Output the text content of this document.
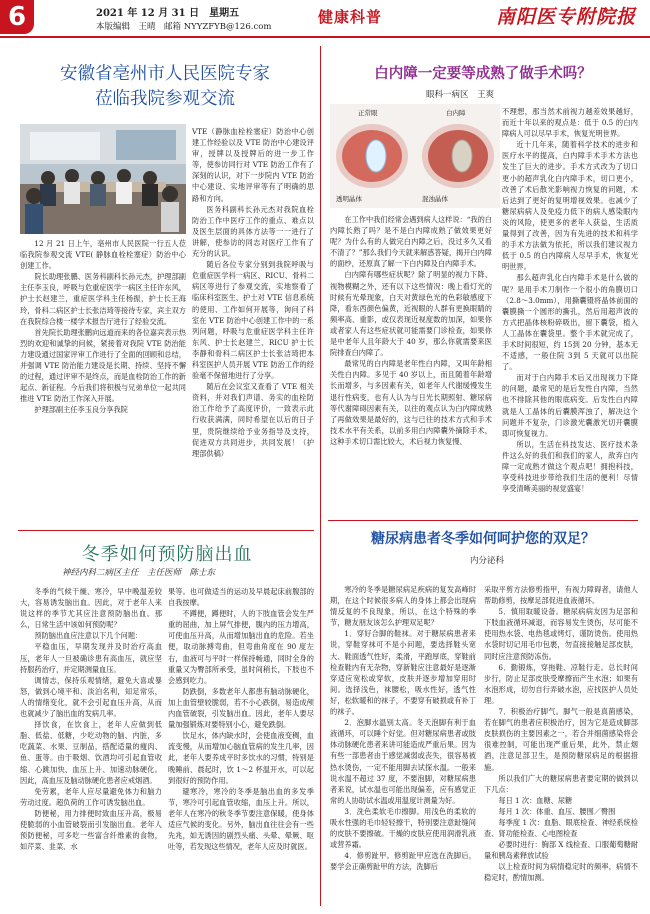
6	2021 年 12 月 31 日　星期五
本版编辑　王晴　邮箱 NYYZFYB@126.com
健康科普	南阳医专附院报
安徽省亳州市人民医院专家
莅临我院参观交流

12 月 21 日上午，亳州市人民医院一行五人莅临我院参观交流 VTE( 静脉血栓栓塞症）防治中心创建工作。

院长助理张鹏、医务科副科长孙元杰，护理部副主任李玉良，呼吸与危重症医学一病区主任许东风，护士长赵建兰，重症医学科主任杨振，护士长王海玲，骨科二病区护士长张洁琦等接待专家，宾主双方在我院综合楼一楼学术报告厅进行了经验交流。

首先院长助理张鹏向远道而来的各位嘉宾表示热烈的欢迎和诚挚的问候，紧接着对我院 VTE 防治能力建设通过国家评审工作进行了全面的回顾和总结，并强调 VTE 防治能力建设是长期、持续、坚持不懈的过程，通过评审不是终点，而是血栓防治工作的新起点、新征程。今后我们将积极与兄弟单位一起共同推进 VTE 防治工作深入开展。

护理部副主任李玉良分享我院

VTE（静脉血栓栓塞症）防治中心创建工作经验以及 VTE 防治中心建设评审，授牌以及授牌后的进一步工作等，使参访同行对 VTE 防治工作有了深刻的认识，对下一步院内 VTE 防治中心建设、实地评审等有了明确的思路和方向。

医务科副科长孙元杰对我院血栓防治工作中医疗工作的重点、难点以及医生层面的具体方法等一一进行了讲解，使参访的同志对医疗工作有了充分的认识。

随后各位专家分别到我院呼吸与危重症医学科一病区、RICU、骨科二病区等进行了参观交流，实地察看了临床科室医生、护士对 VTE 信息系统的使用、工作如何开展等，询问了科室在 VTE 防治中心创建工作中的一系列问题，呼吸与危重症医学科主任许东风、护士长赵建兰、RICU 护士长李静和骨科二病区护士长张洁琦把本科室医护人员开展 VTE 防治工作的经验毫不保留地进行了分享。

随后在会议室又查看了 VTE 相关资料，并对我们声谱、务实的血栓防治工作给予了高度评价，一致表示此行收获满满，同时希望在以后的日子里，贵院继续给予业务指导及支持，促进双方共同进步，共同发展！（护理部供稿）

白内障一定要等成熟了做手术吗？
眼科一病区　王爽
正常眼	白内障
透明晶体	混浊晶体

在工作中我们经常会遇到病人这样说：“我的白内障长熟了吗？是不是白内障成熟了做效果更好呢？为什么有的人做完白内障之后，没过多久又看不清了？”那么我们今天就来解惑答疑，揭开白内障的面纱，还原真了解一下白内障及白内障手术。

白内障有哪些症状呢？除了明显的视力下降、视物模糊之外，还有以下这些情况：晚上看灯光的时候有光晕现象，白天对黄绿色光的色彩敏感度下降，看东西颜色偏黄，近视眼的人群有更换眼睛的频率高、重影，或仅表现近视度数的加深，如果你或者家人有这些症状就可能需要门诊检查，如果你是中老年人且年龄大于 40 岁，那么你就需要来医院排查白内障了。

最常见的白内障是老年性白内障，又叫年龄相关性白内障。多见于 40 岁以上，而且随着年龄增长而增多，与多因素有关，如老年人代谢缓慢发生退行性病变，也有人认为与日光长期照射、糖尿病等代谢障碍因素有关，以往的观点认为白内障成熟了再做效果是最好的，这与已往的技术方式和手术技术水平有关系，以前多用白内障囊外摘除手术，这种手术切口需比较大，术后视力恢复慢、

不理想，那当然术前视力越差效果越好，而近十年以来的观点是：低于 0.5 的白内障病人可以尽早手术，恢复光明世界。

近十几年来，随着科学技术的进步和医疗水平的提高，白内障手术手术方法也发生了巨大的进步。手术方式改为了切口更小的超声乳化白内障手术，切口更小，改善了术后散光影响视力恢复的问题，术后达到了更好的复明增视效果。也减少了糖尿病病人及免疫力低下的病人感染眼内炎的风险，使更多的老年人获益，生活质量得到了改善，因为有先进的技术和科学的手术方法做为依托，所以我们建议视力低于 0.5 的白内障病人尽早手术，恢复光明世界。

那么超声乳化白内障手术是什么做的呢？是用手术刀制作一个很小的角膜切口（2.8～3.0mm），用撕囊镊将晶体前面的囊膜撕一个圆形的撕孔，然后用超声波的方式把晶体核粉碎吸出，留下囊袋，植入人工晶体在囊袋里。整个手术就完成了，手术时间很短，约 15到 20 分钟，基本无不适感，一般住院 3到 5 天就可以出院了。

而对于白内障手术后又出现视力下降的问题，最常见的是后发性白内障，当然也不排除其他的眼底病变。后发性白内障就是人工晶体的后囊膜浑浊了，解决这个问题并不复杂，门诊激光囊激光切开囊膜即可恢复视力。

所以，生活在科技发达、医疗技术条件这么好的我们和我们的家人，敌弃白内障一定成熟才做这个观点吧！拥抱科技，享受科技进步带给我们生活的便利！尽情享受清晰美丽的视觉盛宴！

冬季如何预防脑出血
神经内科二病区主任　主任医师　陈士东

冬季的气候干燥、寒冷，早中晚温差较大，容易诱发脑出血。因此，对于老年人来说这样的季节尤其应注意预防脑出血。那么，日常生活中该如何预防呢？

预防脑出血应注意以下几个问题：

平稳血压，早期发现并及时治疗高血压，老年人一旦被确诊患有高血压，就应坚持服药治疗，并定期测量血压。

调情志，保持乐观情绪，避免大喜或暴怒，做到心境平和、淡泊名利，知足常乐，人的情绪变化，就不会引起血压升高，从而也就减少了脑出血的发病几率。

择饮食，在饮食上，老年人应做到低脂、低盐、低糖，少吃动物的脑、内脏，多吃蔬菜、水果、豆制品，搭配适量的瘦肉、鱼、蛋等。由于吸烟、饮酒均可引起血管收缩、心跳加快、血压上升、加速动脉硬化。因此，高血压及脑动脉硬化患者应戒烟酒。

免劳累，老年人应尽量避免体力和脑力劳动过度。超负荷的工作可诱发脑出血。

防便秘，用力排便时致血压升高，极易使脆弱的小血管破裂而引发脑出血。老年人预防便秘，可多吃一些富含纤维素的食物，如芹菜、韭菜、水

果等。也可做适当的运动及早晨起床前腹部的自我按摩。

不蹲便，蹲便时，人的下肢血管会发生严重的屈曲，加上屏气排便，腹内的压力增高，可使血压升高，从而增加脑出血的危险。若坐便，取动脉搏弯曲，但弯曲角度在 90 度左右，血液可与平时一样保持畅通，同时全身的重量又为臀部所承受，虽时间稍长，下肢也不会感到吃力。

防跌倒，多数老年人都患有脑动脉硬化，加上血管壁较脆弱，若不小心跌倒，易造成颅内血管破裂，引发脑出血。因此，老年人要尽量加强锻炼对要特别小心，避免跌倒。

饮足水，体内缺水时，会使血液变稠，血流变慢，从而增加心脑血管病的发生几率，因此，老年人要养成平时多饮水的习惯，特别是晚睡前、晨起时，饮 1～2 杯温开水，可以起到很好的预防作用。

避寒冷，寒冷的冬季是脑出血的多发季节，寒冷可引起血管收缩，血压上升。所以，老年人在寒冷的秋冬季节要注意保暖，使身体适应气候的变化。另外，脑出血往往会有一些先兆，如无诱因的剧烈头痛、头晕、晕厥、呕吐等，若发现这些情况，老年人应及时就医。

糖尿病患者冬季如何呵护您的双足？
内分泌科

寒冷的冬季是糖尿病足疾病的复发高峰时期，在这个时候很多病人的身体上都会出现病情反复的不良现象，所以，在这个特殊的季节，糖友朋友该怎么护理双足呢？

1．穿好合脚的鞋袜。对于糖尿病患者来说，穿鞋穿袜可不是小问题，要选择鞋头宽大、鞋面透气性好，柔滑，平跑厚底，穿鞋前检查鞋内有无杂物，穿新鞋应注意最好是逐渐穿适应宽松或穿软，皮肤并逐步增加穿用时间。选择浅色，袜腰松，吸水性好，透气性好，松软暖和的袜子，不要穿有破损或有补丁的袜子。

2．泡脚水温别太高。冬天泡脚有利于血液循环，可以睡个好觉。但对糖尿病患者或肢体动脉硬化患者来讲可能造成严重后果。因为有些一部患者由于感觉减弱或丧失，很容易被热水烫伤，一定不能用脚去试探水温。一般来说水温不超过 37 度，不要泡脚，对糖尿病患者来说，试水温也可能出现偏差，应有感觉正常的人协助试水温或用温度计测量为好。

3．洗色柔软毛巾擦脚。用浅色的柔软的吸水性强的毛巾轻轻擦干，特别要注意趾缝间的皮肤不要擦破。干燥的皮肤应使用润滑乳液或营养霜。

4．修剪趾甲。修剪趾甲应选在洗脚后，要学会正确剪趾甲的方法，洗脚后

采取平剪方法修剪指甲，有视力障碍者，请他人帮助修剪，按摩足部促进血液循环。

5．慎用取暖设备。糖尿病病友因为足部和下肢血液循环减退，而容易发生烫伤，尽可能不使用热水袋、电热毯或烤灯，谨防烫伤。使用热水袋时切记用毛巾包裹，勿直接接触足部皮肤，同时应注意预防冻伤。

6．勤锻炼，穿拖鞋、凉鞋行走。总长时间步行，防止足部皮肤受摩擦而产生水泡；如果有水泡形成，切勿自行弄破水泡，应找医护人员处理。

7．积极治疗脚气。脚气一般是真菌感染，若在脚气的患者应积极治疗，因为它是造成脚部皮肤损伤的主要因素之一，若合并细菌感染将会很难控制，可能出现严重后果，此外，禁止烟酒，注意足部卫生，是预防糖尿病足的根据措施。

所以我们广大的糖尿病患者要定期的做到以下几点：

每日 1 次：血糖、尿糖

每月 1 次：体重、血压、腰围／臀围

每季度 1 次：血脂、眼底检查、神经系统检查、肾功能检查、心电图检查

必要时进行：胸部 X 线检查、口服葡萄糖耐量和胰岛素释放试验

以上检查时间为病情稳定时的频率，病情不稳定时，酌情加测。
